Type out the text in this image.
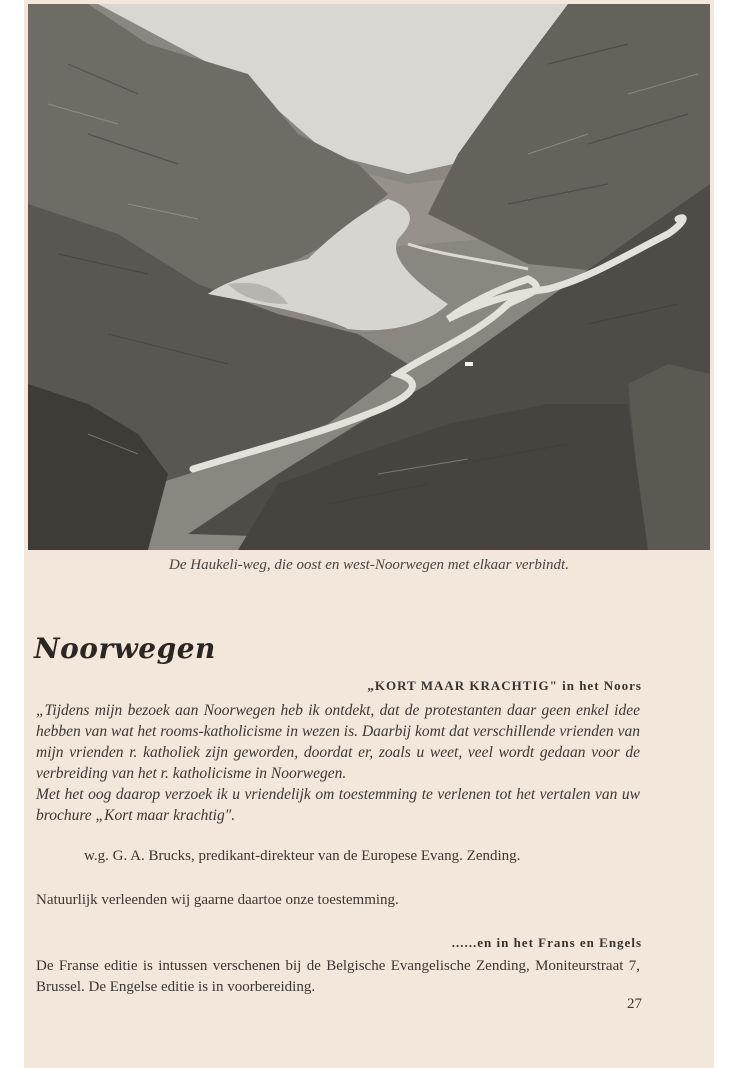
De Haukeli-weg, die oost en west-Noorwegen met elkaar verbindt.
Noorwegen
„KORT MAAR KRACHTIG" in het Noors

„Tijdens mijn bezoek aan Noorwegen heb ik ontdekt, dat de protestanten daar geen enkel idee hebben van wat het rooms-katholicisme in wezen is. Daarbij komt dat verschillende vrienden van mijn vrienden r. katholiek zijn geworden, doordat er, zoals u weet, veel wordt gedaan voor de verbreiding van het r. katholicisme in Noorwegen.

Met het oog daarop verzoek ik u vriendelijk om toestemming te verlenen tot het vertalen van uw brochure „Kort maar krachtig".

w.g. G. A. Brucks, predikant-direkteur van de Europese Evang. Zending.
Natuurlijk verleenden wij gaarne daartoe onze toestemming.
......en in het Frans en Engels
De Franse editie is intussen verschenen bij de Belgische Evangelische Zending, Moniteurstraat 7, Brussel. De Engelse editie is in voorbereiding.
27
